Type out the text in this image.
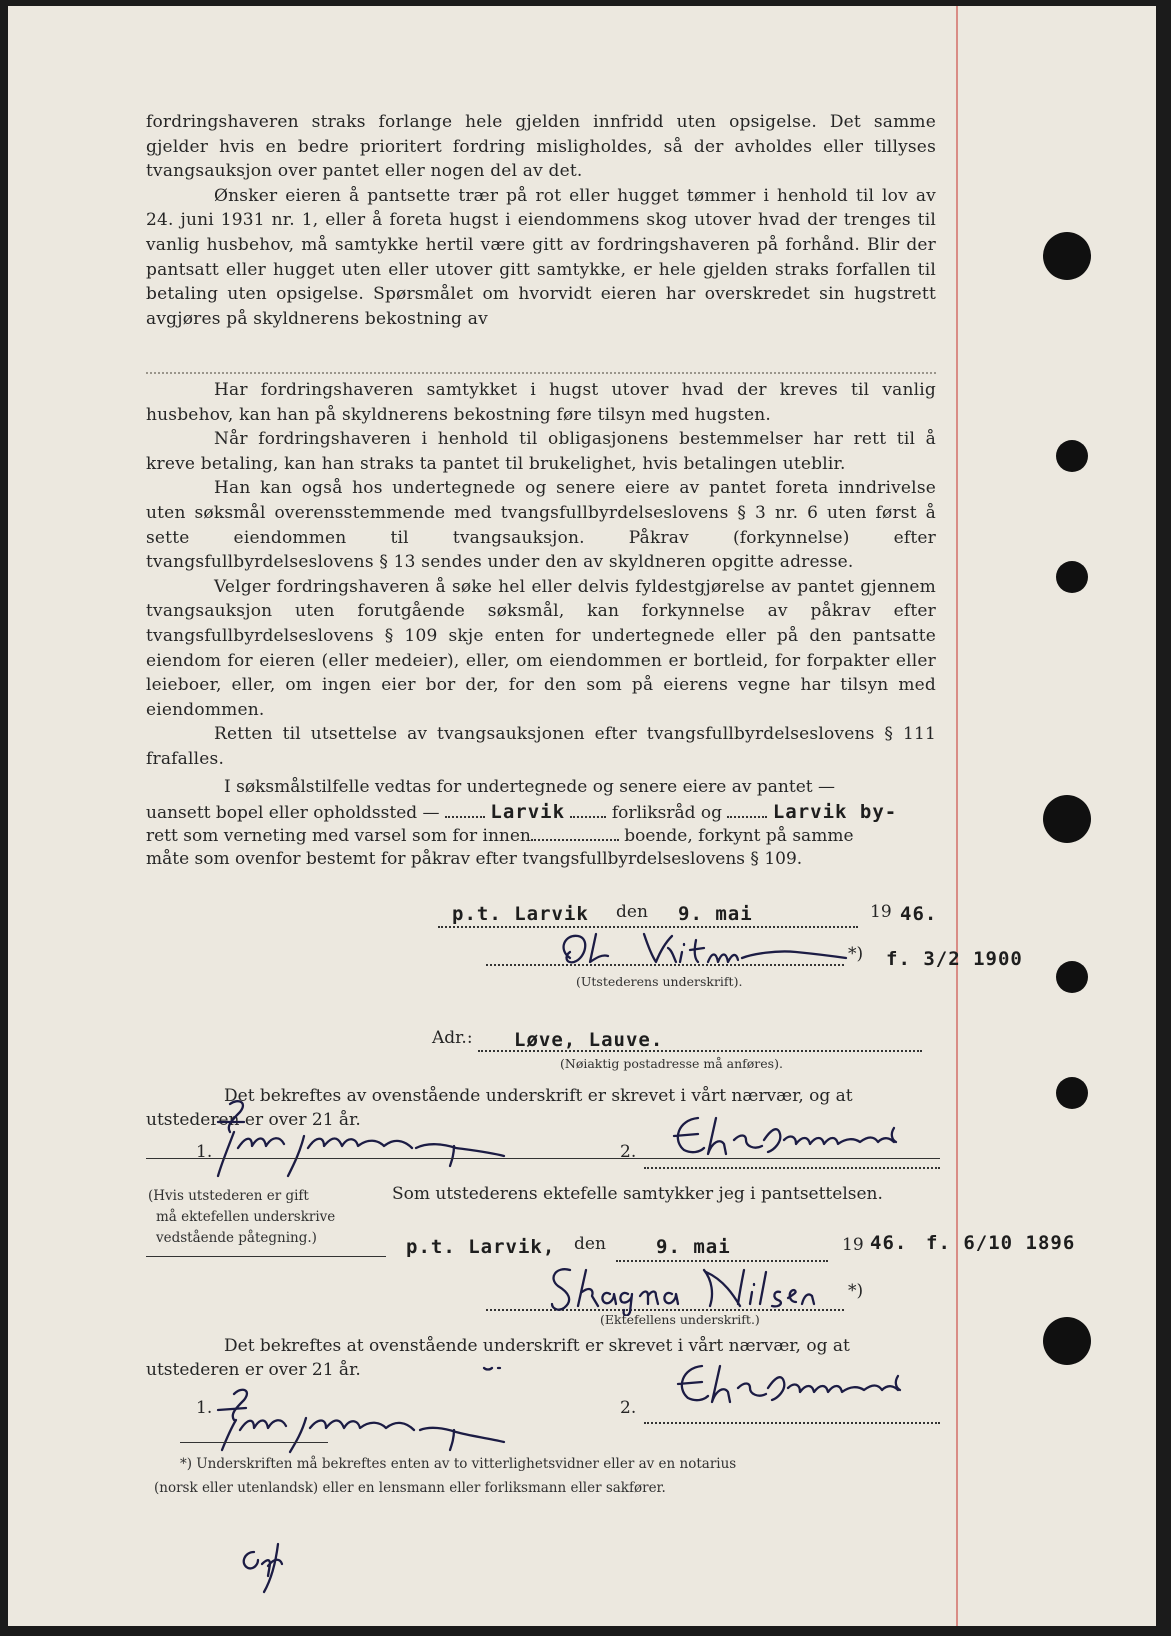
fordringshaveren straks forlange hele gjelden innfridd uten opsigelse. Det samme gjelder hvis en bedre prioritert fordring misligholdes, så der avholdes eller tillyses tvangsauksjon over pantet eller nogen del av det.

Ønsker eieren å pantsette trær på rot eller hugget tømmer i henhold til lov av 24. juni 1931 nr. 1, eller å foreta hugst i eiendommens skog utover hvad der trenges til vanlig husbehov, må samtykke hertil være gitt av fordringshaveren på forhånd. Blir der pantsatt eller hugget uten eller utover gitt samtykke, er hele gjelden straks forfallen til betaling uten opsigelse. Spørsmålet om hvorvidt eieren har overskredet sin hugstrett avgjøres på skyldnerens bekostning av

Har fordringshaveren samtykket i hugst utover hvad der kreves til vanlig husbehov, kan han på skyldnerens bekostning føre tilsyn med hugsten.

Når fordringshaveren i henhold til obligasjonens bestemmelser har rett til å kreve betaling, kan han straks ta pantet til brukelighet, hvis betalingen uteblir.

Han kan også hos undertegnede og senere eiere av pantet foreta inndrivelse uten søksmål overensstemmende med tvangsfullbyrdelseslovens § 3 nr. 6 uten først å sette eiendommen til tvangsauksjon. Påkrav (forkynnelse) efter tvangsfullbyrdelseslovens § 13 sendes under den av skyldneren opgitte adresse.

Velger fordringshaveren å søke hel eller delvis fyldestgjørelse av pantet gjennem tvangsauksjon uten forutgående søksmål, kan forkynnelse av påkrav efter tvangsfullbyrdelseslovens § 109 skje enten for undertegnede eller på den pantsatte eiendom for eieren (eller medeier), eller, om eiendommen er bortleid, for forpakter eller leieboer, eller, om ingen eier bor der, for den som på eierens vegne har tilsyn med eiendommen.

Retten til utsettelse av tvangsauksjonen efter tvangsfullbyrdelseslovens § 111 frafalles.

I søksmålstilfelle vedtas for undertegnede og senere eiere av pantet —
uansett bopel eller opholdssted —	Larvik	forliksråd og	Larvik by-
rett som verneting med varsel som for innen	boende, forkynt på samme
måte som ovenfor bestemt for påkrav efter tvangsfullbyrdelseslovens § 109.
p.t. Larvik den 9. mai	19 46.
*) f. 3/2 1900
(Utstederens underskrift).
Adr.: Løve, Lauve.
(Nøiaktig postadresse må anføres).
Det bekreftes av ovenstående underskrift er skrevet i vårt nærvær, og at
utstederen er over 21 år.
1.	2.
(Hvis utstederen er gift
må ektefellen underskrive
vedstående påtegning.)
Som utstederens ektefelle samtykker jeg i pantsettelsen.
p.t. Larvik, den	9. mai	19 46. f. 6/10 1896
*)
(Ektefellens underskrift.)
Det bekreftes at ovenstående underskrift er skrevet i vårt nærvær, og at
utstederen er over 21 år.
1.	2.
*) Underskriften må bekreftes enten av to vitterlighetsvidner eller av en notarius
(norsk eller utenlandsk) eller en lensmann eller forliksmann eller sakfører.
